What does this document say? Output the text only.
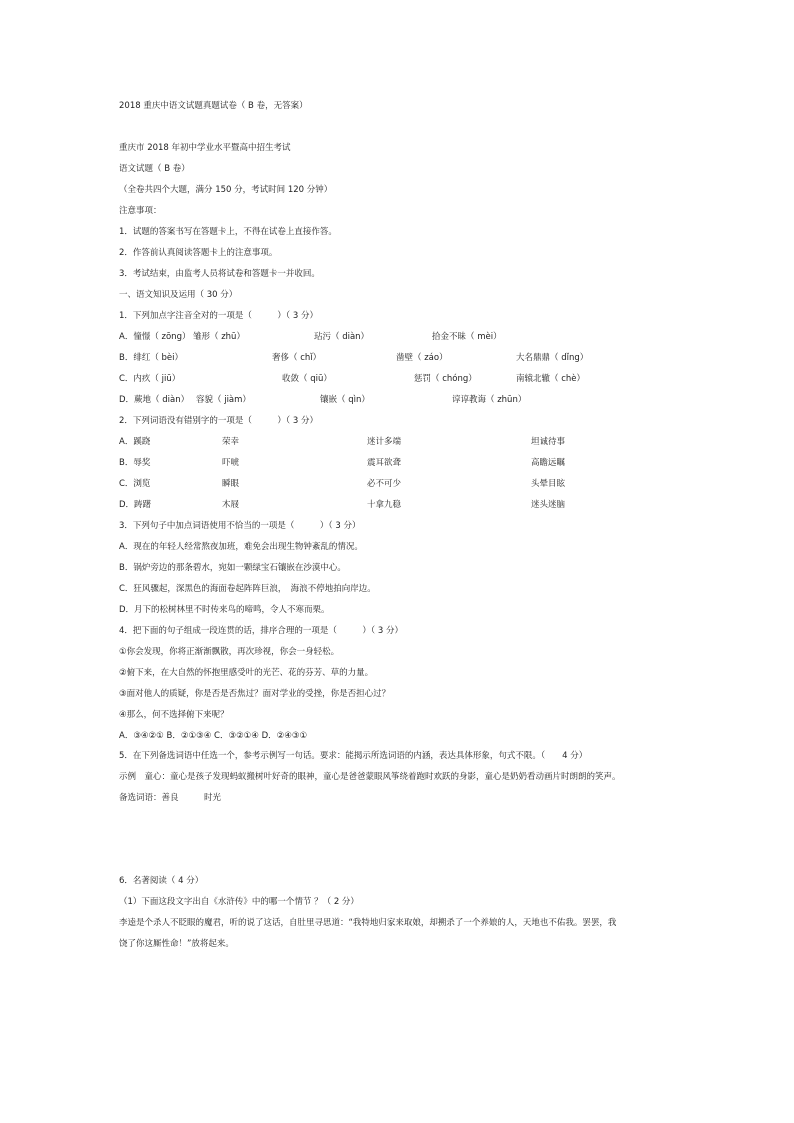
2018 重庆中语文试题真题试卷（ B 卷，无答案）
重庆市 2018 年初中学业水平暨高中招生考试
语文试题（ B 卷）
（全卷共四个大题，满分 150 分，考试时间 120 分钟）
注意事项：
1．试题的答案书写在答题卡上，不得在试卷上直接作答。
2．作答前认真阅读答题卡上的注意事项。
3．考试结束，由监考人员将试卷和答题卡一并收回。
一、语文知识及运用（ 30 分）
1．下列加点字注音全对的一项是（　　　）（ 3 分）
A．憧憬（ zōng） 雏形（ zhū）	玷污（ diàn）	拾金不昧（ mèi）
B．绯红（ bèi）	奢侈（ chǐ）	凿壁（ záo）	大名鼎鼎（ dǐng）
C．内疚（ jiū）	收敛（ qiū）	惩罚（ chóng）	南辕北辙（ chè）
D．蕨地（ diàn） 容貌（ jiàm）	镶嵌（ qìn）	谆谆教诲（ zhūn）
2．下列词语没有错别字的一项是（　　　）（ 3 分）
A．蹊跷	荣幸	迷计多端	坦诚待事
B．辱奖	吓唬	震耳欲聋	高瞻远瞩
C．浏览	瞬眼	必不可少	头晕目眩
D．踌躇	木屐	十拿九稳	迷头迷脑
3．下列句子中加点词语使用不恰当的一项是（　　　）（ 3 分）
A．现在的年轻人经常熬夜加班，难免会出现生物钟紊乱的情况。
B．锅炉旁边的那条碧水，宛如一颗绿宝石镶嵌在沙漠中心。
C．狂风骤起，深黑色的海面卷起阵阵巨浪，　海浪不停地拍向岸边。
D．月下的松树林里不时传来鸟的啼鸣，令人不寒而栗。
4．把下面的句子组成一段连贯的话，排序合理的一项是（　　　）（ 3 分）
①你会发现，你将正渐渐飘散，再次珍视，你会一身轻松。
②俯下来，在大自然的怀抱里感受叶的光芒、花的芬芳、草的力量。
③面对他人的质疑，你是否是否焦过？面对学业的受挫，你是否担心过？
④那么，何不选择俯下来呢？
A．③④②① B．②①③④ C．③②①④ D．②④③①
5．在下列备选词语中任选一个，参考示例写一句话。要求：能揭示所选词语的内涵，表达具体形象，句式不限。（　　4 分）
示例　童心：童心是孩子发现蚂蚁搬树叶好奇的眼神，童心是爸爸蒙眼风筝绕着跑时欢跃的身影，童心是奶奶看动画片时朗朗的笑声。
备选词语：善良　　　时光
6．名著阅读（ 4 分）
（1）下面这段文字出自《水浒传》中的哪一个情节 ？（ 2 分）
李逵是个杀人不眨眼的魔君，听的说了这话，自肚里寻思道：“我特地归家来取娘，却搠杀了一个养娘的人，天地也不佑我。罢罢，我
饶了你这厮性命！”放将起来。
